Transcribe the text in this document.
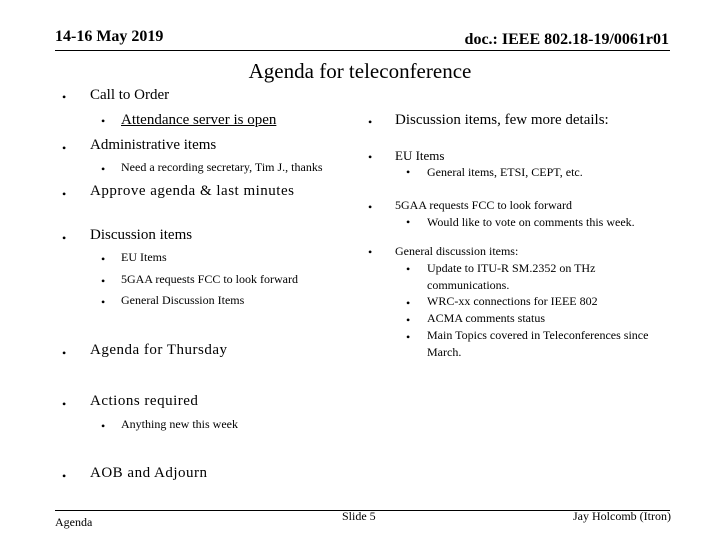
14-16 May 2019	doc.: IEEE 802.18-19/0061r01
Agenda for teleconference
• Call to Order
• Attendance server is open
• Administrative items
• Need a recording secretary, Tim J., thanks
• Approve agenda & last minutes
• Discussion items
• EU Items
• 5GAA requests FCC to look forward
• General Discussion Items
• Agenda for Thursday
• Actions required
• Anything new this week
• AOB and Adjourn
• Discussion items, few more details:
• EU Items
• General items, ETSI, CEPT, etc.
• 5GAA requests FCC to look forward
• Would like to vote on comments this week.
• General discussion items:
• Update to ITU-R SM.2352 on THz
communications.
• WRC-xx connections for IEEE 802
• ACMA comments status
• Main Topics covered in Teleconferences since
March.
Agenda	Slide 5	Jay Holcomb (Itron)
